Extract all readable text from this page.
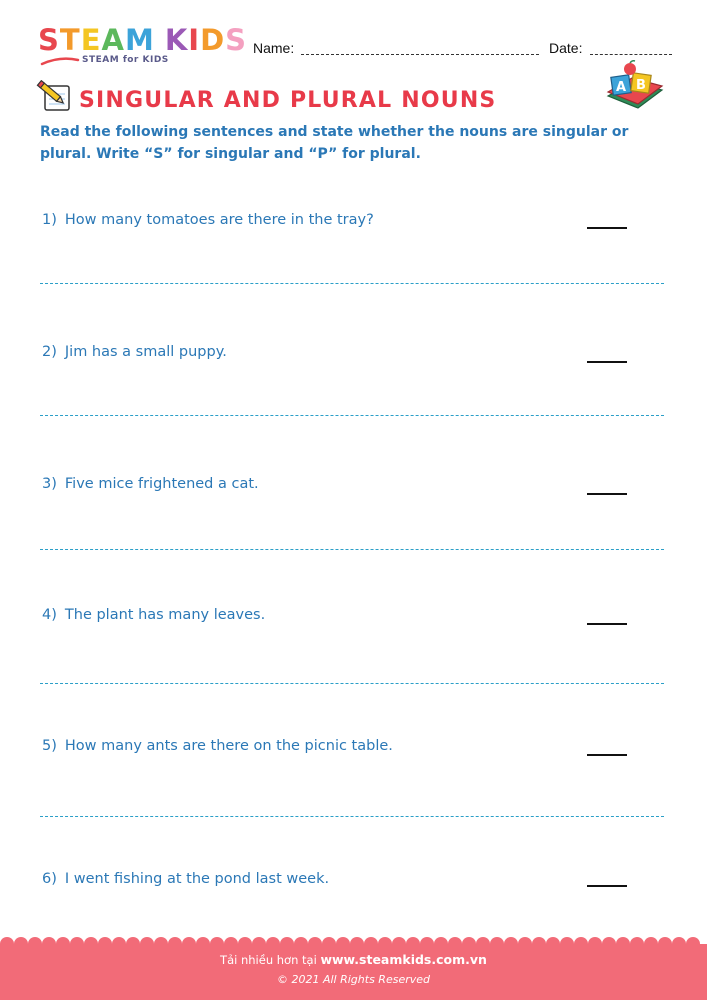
STEAM KIDS
STEAM for KIDS
Name:	Date:
SINGULAR AND PLURAL NOUNS
A B
Read the following sentences and state whether the nouns are singular or plural. Write “S” for singular and “P” for plural.
1) How many tomatoes are there in the tray?
2) Jim has a small puppy.
3) Five mice frightened a cat.
4) The plant has many leaves.
5) How many ants are there on the picnic table.
6) I went fishing at the pond last week.
Tải nhiều hơn tại www.steamkids.com.vn
© 2021 All Rights Reserved
